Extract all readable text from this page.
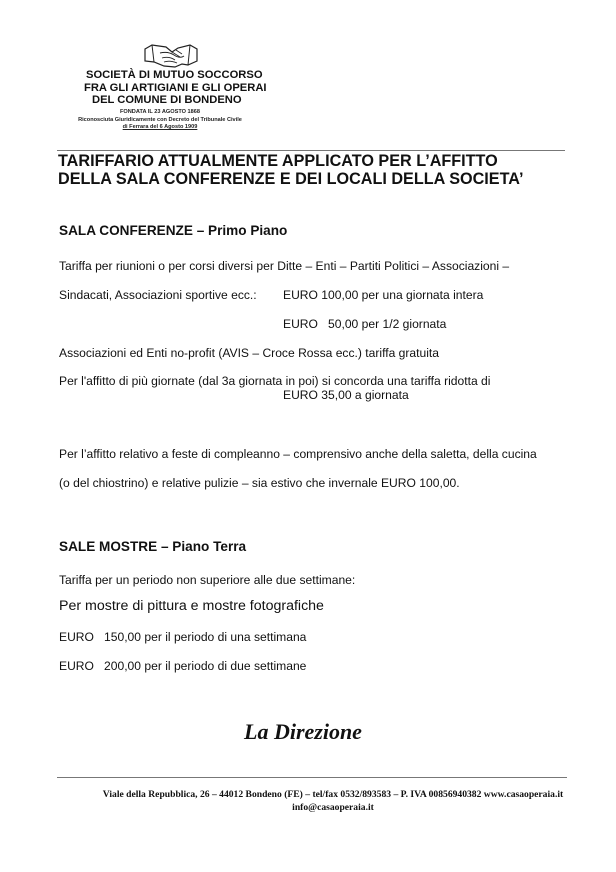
SOCIETÀ DI MUTUO SOCCORSO
FRA GLI ARTIGIANI E GLI OPERAI
DEL COMUNE DI BONDENO
FONDATA IL 23 AGOSTO 1868
Riconosciuta Giuridicamente con Decreto del Tribunale Civile
di Ferrara del 6 Agosto 1909
TARIFFARIO ATTUALMENTE APPLICATO PER L’AFFITTO
DELLA SALA CONFERENZE E DEI LOCALI DELLA SOCIETA’
SALA CONFERENZE – Primo Piano
Tariffa per riunioni o per corsi diversi per Ditte – Enti – Partiti Politici – Associazioni –
Sindacati, Associazioni sportive ecc.: EURO 100,00 per una giornata intera
EURO   50,00 per 1/2 giornata
Associazioni ed Enti no-profit (AVIS – Croce Rossa ecc.) tariffa gratuita
Per l'affitto di più giornate (dal 3a giornata in poi) si concorda una tariffa ridotta di
EURO 35,00 a giornata
Per l’affitto relativo a feste di compleanno – comprensivo anche della saletta, della cucina
(o del chiostrino) e relative pulizie – sia estivo che invernale EURO 100,00.
SALE MOSTRE – Piano Terra
Tariffa per un periodo non superiore alle due settimane:
Per mostre di pittura e mostre fotografiche
EURO   150,00 per il periodo di una settimana
EURO   200,00 per il periodo di due settimane
La Direzione
Viale della Repubblica, 26 – 44012 Bondeno (FE) – tel/fax 0532/893583 – P. IVA 00856940382 www.casaoperaia.it
info@casaoperaia.it
